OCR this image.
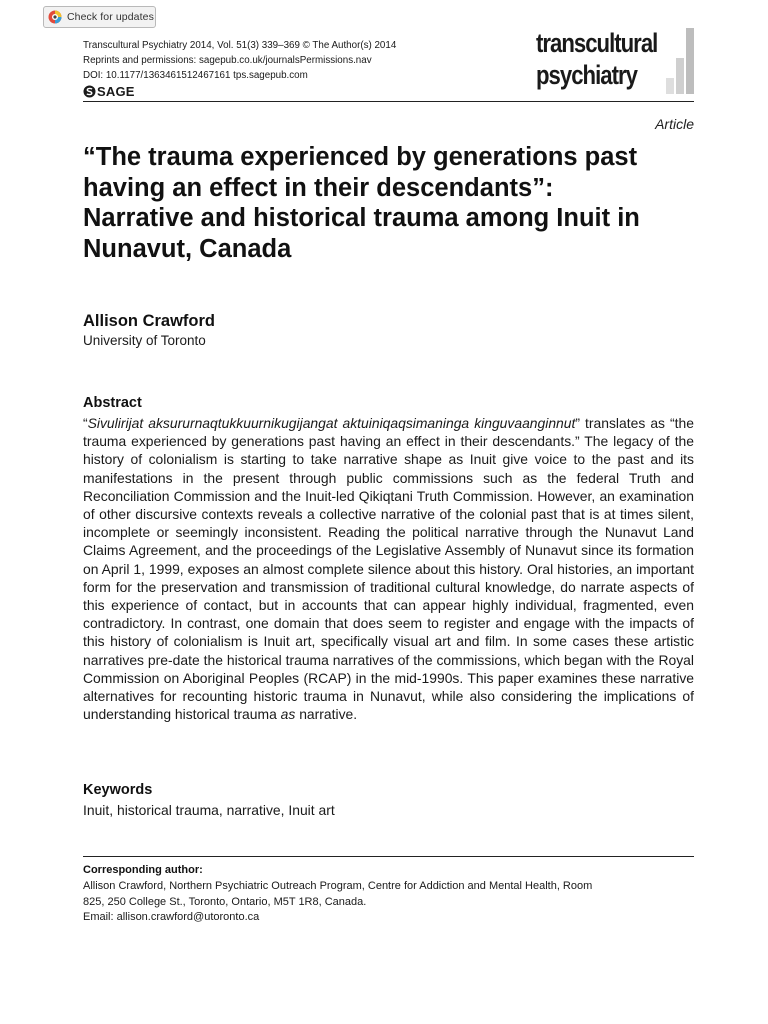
Check for updates
Transcultural Psychiatry 2014, Vol. 51(3) 339–369 © The Author(s) 2014
Reprints and permissions: sagepub.co.uk/journalsPermissions.nav
DOI: 10.1177/1363461512467161 tps.sagepub.com
SAGE
transcultural
psychiatry
Article
“The trauma experienced by generations past having an effect in their descendants”: Narrative and historical trauma among Inuit in Nunavut, Canada
Allison Crawford
University of Toronto
Abstract

“Sivulirijat aksururnaqtukkuurnikugijangat aktuiniqaqsimaninga kinguvaanginnut” translates as “the trauma experienced by generations past having an effect in their descendants.” The legacy of the history of colonialism is starting to take narrative shape as Inuit give voice to the past and its manifestations in the present through public commissions such as the federal Truth and Reconciliation Commission and the Inuit-led Qikiqtani Truth Commission. However, an examination of other discursive contexts reveals a collective narrative of the colonial past that is at times silent, incomplete or seemingly inconsistent. Reading the political narrative through the Nunavut Land Claims Agreement, and the proceedings of the Legislative Assembly of Nunavut since its formation on April 1, 1999, exposes an almost complete silence about this history. Oral histories, an important form for the preservation and transmission of traditional cultural knowledge, do narrate aspects of this experience of contact, but in accounts that can appear highly individual, fragmented, even contradictory. In contrast, one domain that does seem to register and engage with the impacts of this history of colonialism is Inuit art, specifically visual art and film. In some cases these artistic narratives pre-date the historical trauma narratives of the commissions, which began with the Royal Commission on Aboriginal Peoples (RCAP) in the mid-1990s. This paper examines these narrative alternatives for recounting historic trauma in Nunavut, while also considering the implications of understanding historical trauma as narrative.

Keywords
Inuit, historical trauma, narrative, Inuit art
Corresponding author:
Allison Crawford, Northern Psychiatric Outreach Program, Centre for Addiction and Mental Health, Room
825, 250 College St., Toronto, Ontario, M5T 1R8, Canada.
Email: allison.crawford@utoronto.ca
